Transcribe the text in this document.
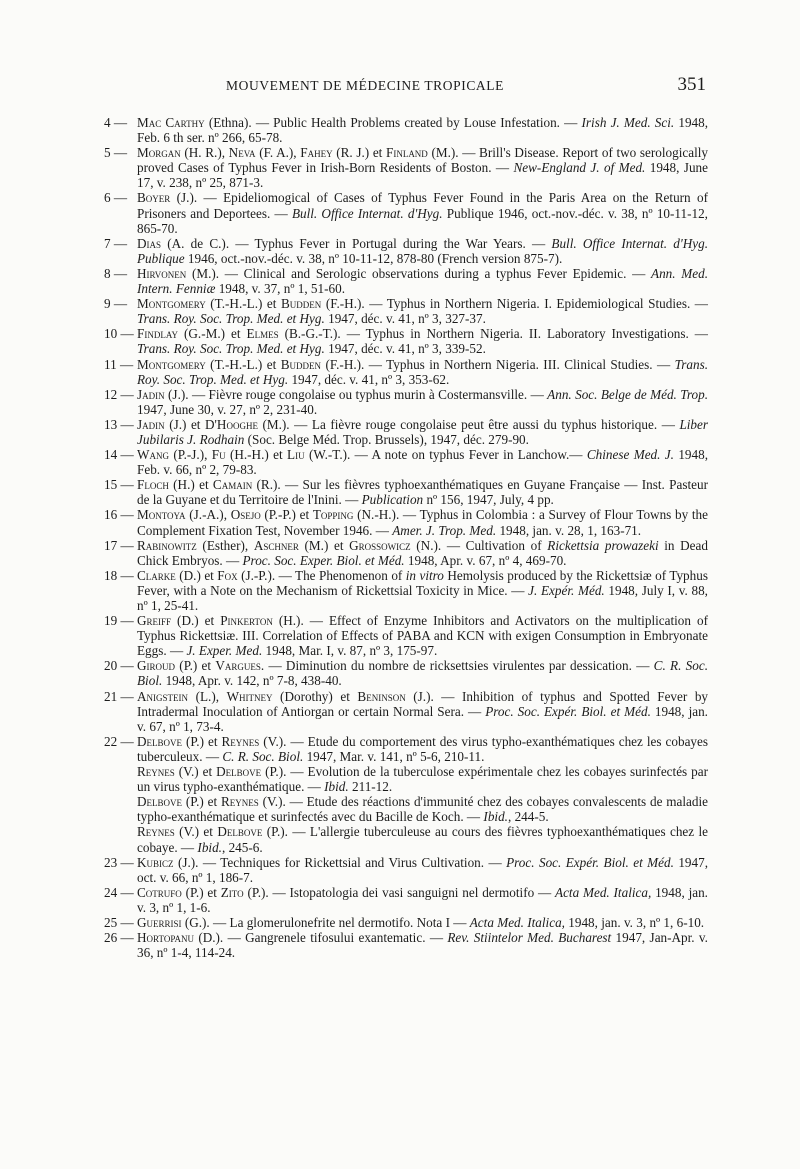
MOUVEMENT DE MÉDECINE TROPICALE	351
4 — Mac Carthy (Ethna). — Public Health Problems created by Louse Infestation. — Irish J. Med. Sci. 1948, Feb. 6 th ser. nº 266, 65-78.
5 — Morgan (H. R.), Neva (F. A.), Fahey (R. J.) et Finland (M.). — Brill's Disease. Report of two serologically proved Cases of Typhus Fever in Irish-Born Residents of Boston. — New-England J. of Med. 1948, June 17, v. 238, nº 25, 871-3.
6 — Boyer (J.). — Epideliomogical of Cases of Typhus Fever Found in the Paris Area on the Return of Prisoners and Deportees. — Bull. Office Internat. d'Hyg. Publique 1946, oct.-nov.-déc. v. 38, nº 10-11-12, 865-70.
7 — Dias (A. de C.). — Typhus Fever in Portugal during the War Years. — Bull. Office Internat. d'Hyg. Publique 1946, oct.-nov.-déc. v. 38, nº 10-11-12, 878-80 (French version 875-7).
8 — Hirvonen (M.). — Clinical and Serologic observations during a typhus Fever Epidemic. — Ann. Med. Intern. Fenniæ 1948, v. 37, nº 1, 51-60.
9 — Montgomery (T.-H.-L.) et Budden (F.-H.). — Typhus in Northern Nigeria. I. Epidemiological Studies. — Trans. Roy. Soc. Trop. Med. et Hyg. 1947, déc. v. 41, nº 3, 327-37.
10 — Findlay (G.-M.) et Elmes (B.-G.-T.). — Typhus in Northern Nigeria. II. Laboratory Investigations. — Trans. Roy. Soc. Trop. Med. et Hyg. 1947, déc. v. 41, nº 3, 339-52.
11 — Montgomery (T.-H.-L.) et Budden (F.-H.). — Typhus in Northern Nigeria. III. Clinical Studies. — Trans. Roy. Soc. Trop. Med. et Hyg. 1947, déc. v. 41, nº 3, 353-62.
12 — Jadin (J.). — Fièvre rouge congolaise ou typhus murin à Costermansville. — Ann. Soc. Belge de Méd. Trop. 1947, June 30, v. 27, nº 2, 231-40.
13 — Jadin (J.) et D'Hooghe (M.). — La fièvre rouge congolaise peut être aussi du typhus historique. — Liber Jubilaris J. Rodhain (Soc. Belge Méd. Trop. Brussels), 1947, déc. 279-90.
14 — Wang (P.-J.), Fu (H.-H.) et Liu (W.-T.). — A note on typhus Fever in Lanchow.— Chinese Med. J. 1948, Feb. v. 66, nº 2, 79-83.
15 — Floch (H.) et Camain (R.). — Sur les fièvres typhoexanthématiques en Guyane Française — Inst. Pasteur de la Guyane et du Territoire de l'Inini. — Publication nº 156, 1947, July, 4 pp.
16 — Montoya (J.-A.), Osejo (P.-P.) et Topping (N.-H.). — Typhus in Colombia : a Survey of Flour Towns by the Complement Fixation Test, November 1946. — Amer. J. Trop. Med. 1948, jan. v. 28, 1, 163-71.
17 — Rabinowitz (Esther), Aschner (M.) et Grossowicz (N.). — Cultivation of Rickettsia prowazeki in Dead Chick Embryos. — Proc. Soc. Exper. Biol. et Méd. 1948, Apr. v. 67, nº 4, 469-70.
18 — Clarke (D.) et Fox (J.-P.). — The Phenomenon of in vitro Hemolysis produced by the Rickettsiæ of Typhus Fever, with a Note on the Mechanism of Rickettsial Toxicity in Mice. — J. Expér. Méd. 1948, July I, v. 88, nº 1, 25-41.
19 — Greiff (D.) et Pinkerton (H.). — Effect of Enzyme Inhibitors and Activators on the multiplication of Typhus Rickettsiæ. III. Correlation of Effects of PABA and KCN with exigen Consumption in Embryonate Eggs. — J. Exper. Med. 1948, Mar. I, v. 87, nº 3, 175-97.
20 — Giroud (P.) et Vargues. — Diminution du nombre de ricksettsies virulentes par dessication. — C. R. Soc. Biol. 1948, Apr. v. 142, nº 7-8, 438-40.
21 — Anigstein (L.), Whitney (Dorothy) et Beninson (J.). — Inhibition of typhus and Spotted Fever by Intradermal Inoculation of Antiorgan or certain Normal Sera. — Proc. Soc. Expér. Biol. et Méd. 1948, jan. v. 67, nº 1, 73-4.
22 — Delbove (P.) et Reynes (V.). — Etude du comportement des virus typho-exanthématiques chez les cobayes tuberculeux. — C. R. Soc. Biol. 1947, Mar. v. 141, nº 5-6, 210-11.
Reynes (V.) et Delbove (P.). — Evolution de la tuberculose expérimentale chez les cobayes surinfectés par un virus typho-exanthématique. — Ibid. 211-12.
Delbove (P.) et Reynes (V.). — Etude des réactions d'immunité chez des cobayes convalescents de maladie typho-exanthématique et surinfectés avec du Bacille de Koch. — Ibid., 244-5.
Reynes (V.) et Delbove (P.). — L'allergie tuberculeuse au cours des fièvres typhoexanthématiques chez le cobaye. — Ibid., 245-6.
23 — Kubicz (J.). — Techniques for Rickettsial and Virus Cultivation. — Proc. Soc. Expér. Biol. et Méd. 1947, oct. v. 66, nº 1, 186-7.
24 — Cotrufo (P.) et Zito (P.). — Istopatologia dei vasi sanguigni nel dermotifo — Acta Med. Italica, 1948, jan. v. 3, nº 1, 1-6.
25 — Guerrisi (G.). — La glomerulonefrite nel dermotifo. Nota I — Acta Med. Italica, 1948, jan. v. 3, nº 1, 6-10.
26 — Hortopanu (D.). — Gangrenele tifosului exantematic. — Rev. Stiintelor Med. Bucharest 1947, Jan-Apr. v. 36, nº 1-4, 114-24.
